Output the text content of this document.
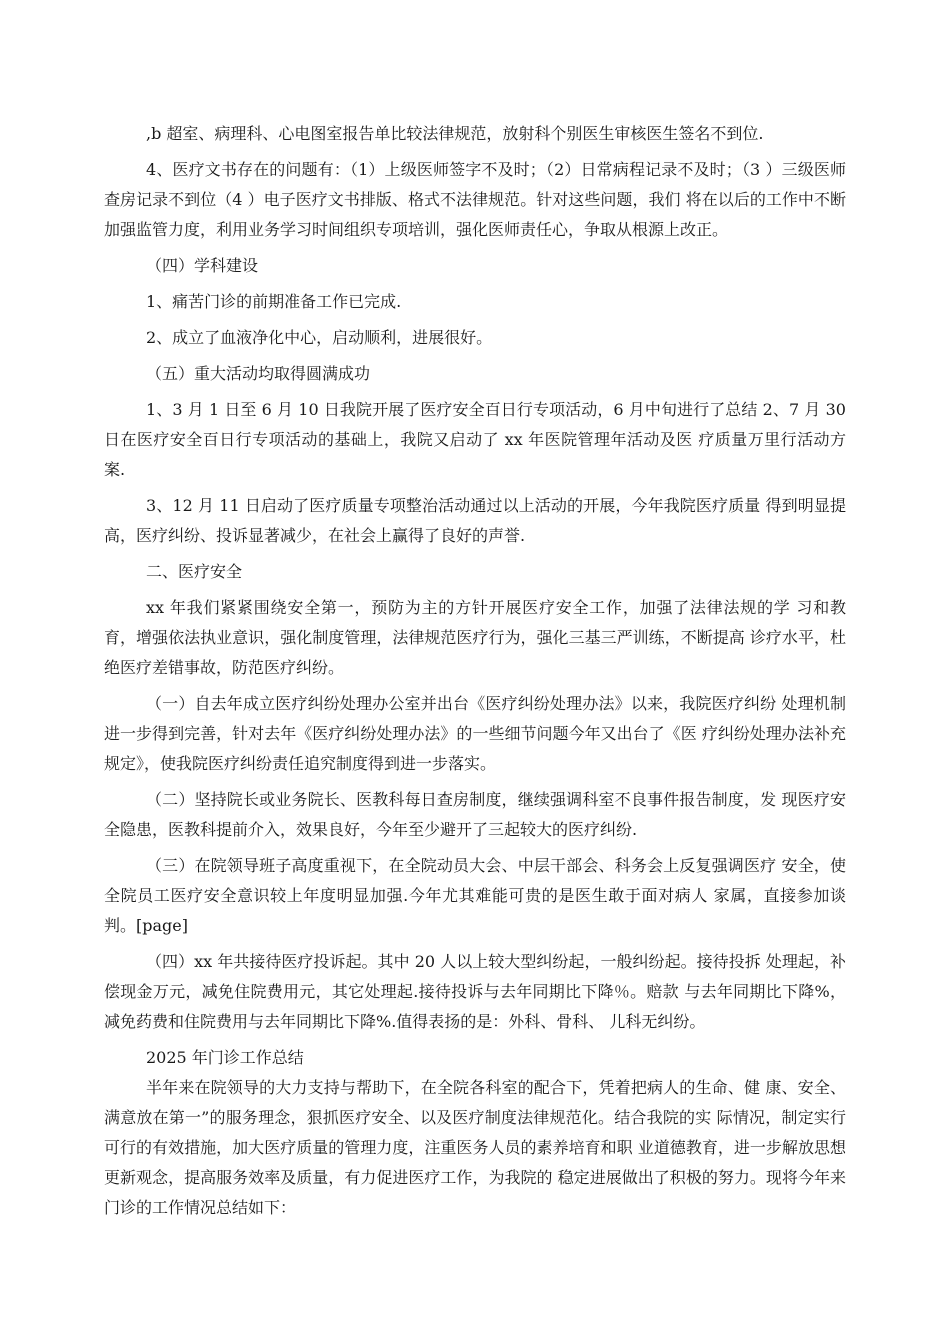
,b 超室、病理科、心电图室报告单比较法律规范，放射科个别医生审核医生签名不到位.

4、医疗文书存在的问题有：（1）上级医师签字不及时；（2）日常病程记录不及时；（3 ）三级医师查房记录不到位（4 ）电子医疗文书排版、格式不法律规范。针对这些问题，我们 将在以后的工作中不断加强监管力度，利用业务学习时间组织专项培训，强化医师责任心，争取从根源上改正。

（四）学科建设

1、痛苦门诊的前期准备工作已完成.

2、成立了血液净化中心，启动顺利，进展很好。

（五）重大活动均取得圆满成功

1、3 月 1 日至 6 月 10 日我院开展了医疗安全百日行专项活动，6 月中旬进行了总结 2、7 月 30 日在医疗安全百日行专项活动的基础上，我院又启动了 xx 年医院管理年活动及医 疗质量万里行活动方案.

3、12 月 11 日启动了医疗质量专项整治活动通过以上活动的开展，今年我院医疗质量 得到明显提高，医疗纠纷、投诉显著减少，在社会上赢得了良好的声誉.

二、医疗安全

xx 年我们紧紧围绕安全第一，预防为主的方针开展医疗安全工作，加强了法律法规的学 习和教育，增强依法执业意识，强化制度管理，法律规范医疗行为，强化三基三严训练，不断提高 诊疗水平，杜绝医疗差错事故，防范医疗纠纷。

（一）自去年成立医疗纠纷处理办公室并出台《医疗纠纷处理办法》以来，我院医疗纠纷 处理机制进一步得到完善，针对去年《医疗纠纷处理办法》的一些细节问题今年又出台了《医 疗纠纷处理办法补充规定》，使我院医疗纠纷责任追究制度得到进一步落实。

（二）坚持院长或业务院长、医教科每日查房制度，继续强调科室不良事件报告制度，发 现医疗安全隐患，医教科提前介入，效果良好，今年至少避开了三起较大的医疗纠纷.

（三）在院领导班子高度重视下，在全院动员大会、中层干部会、科务会上反复强调医疗 安全，使全院员工医疗安全意识较上年度明显加强.今年尤其难能可贵的是医生敢于面对病人 家属，直接参加谈判。[page]

（四）xx 年共接待医疗投诉起。其中 20 人以上较大型纠纷起，一般纠纷起。接待投拆 处理起，补偿现金万元，减免住院费用元，其它处理起.接待投诉与去年同期比下降％。赔款 与去年同期比下降%，减免药费和住院费用与去年同期比下降%.值得表扬的是：外科、骨科、 儿科无纠纷。

2025 年门诊工作总结

半年来在院领导的大力支持与帮助下，在全院各科室的配合下，凭着把病人的生命、健 康、安全、满意放在第一”的服务理念，狠抓医疗安全、以及医疗制度法律规范化。结合我院的实 际情况，制定实行可行的有效措施，加大医疗质量的管理力度，注重医务人员的素养培育和职 业道德教育，进一步解放思想更新观念，提高服务效率及质量，有力促进医疗工作，为我院的 稳定进展做出了积极的努力。现将今年来门诊的工作情况总结如下：
